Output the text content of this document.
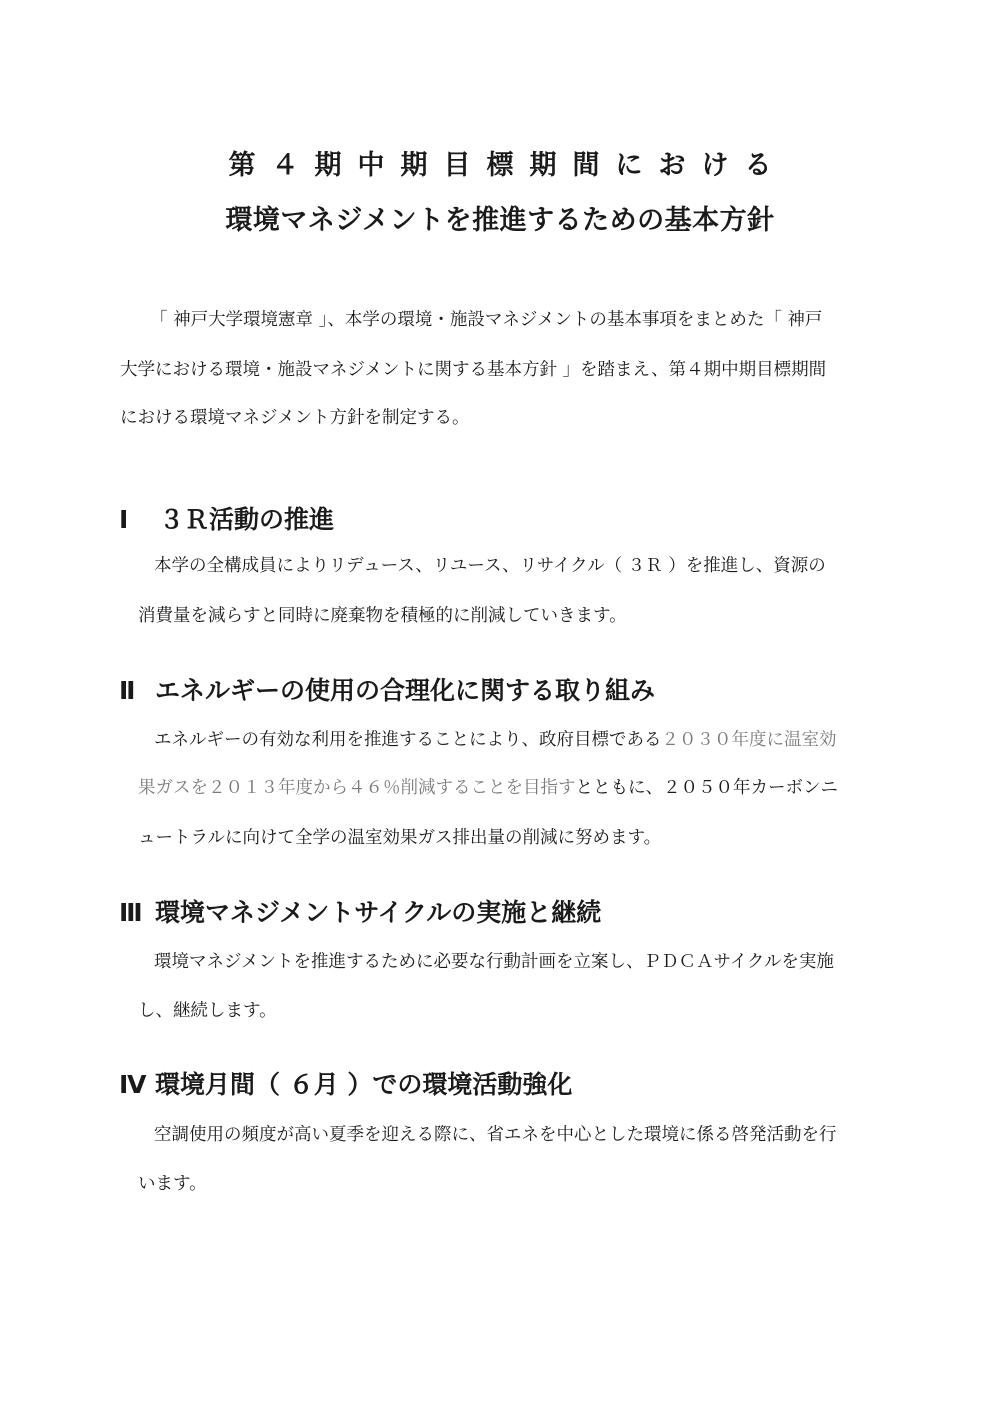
第４期中期目標期間における
環境マネジメントを推進するための基本方針
「 神戸大学環境憲章 」、本学の環境・施設マネジメントの基本事項をまとめた「 神戸
大学における環境・施設マネジメントに関する基本方針 」を踏まえ、第４期中期目標期間
における環境マネジメント方針を制定する。
Ⅰ ３Ｒ活動の推進
本学の全構成員によりリデュース、リユース、リサイクル（ ３Ｒ ）を推進し、資源の
消費量を減らすと同時に廃棄物を積極的に削減していきます。
Ⅱ エネルギーの使用の合理化に関する取り組み
エネルギーの有効な利用を推進することにより、政府目標である２０３０年度に温室効
果ガスを２０１３年度から４６％削減することを目指すとともに、２０５０年カーボンニ
ュートラルに向けて全学の温室効果ガス排出量の削減に努めます。
Ⅲ 環境マネジメントサイクルの実施と継続
環境マネジメントを推進するために必要な行動計画を立案し、ＰＤＣＡサイクルを実施
し、継続します。
Ⅳ 環境月間（ ６月 ）での環境活動強化
空調使用の頻度が高い夏季を迎える際に、省エネを中心とした環境に係る啓発活動を行
います。
